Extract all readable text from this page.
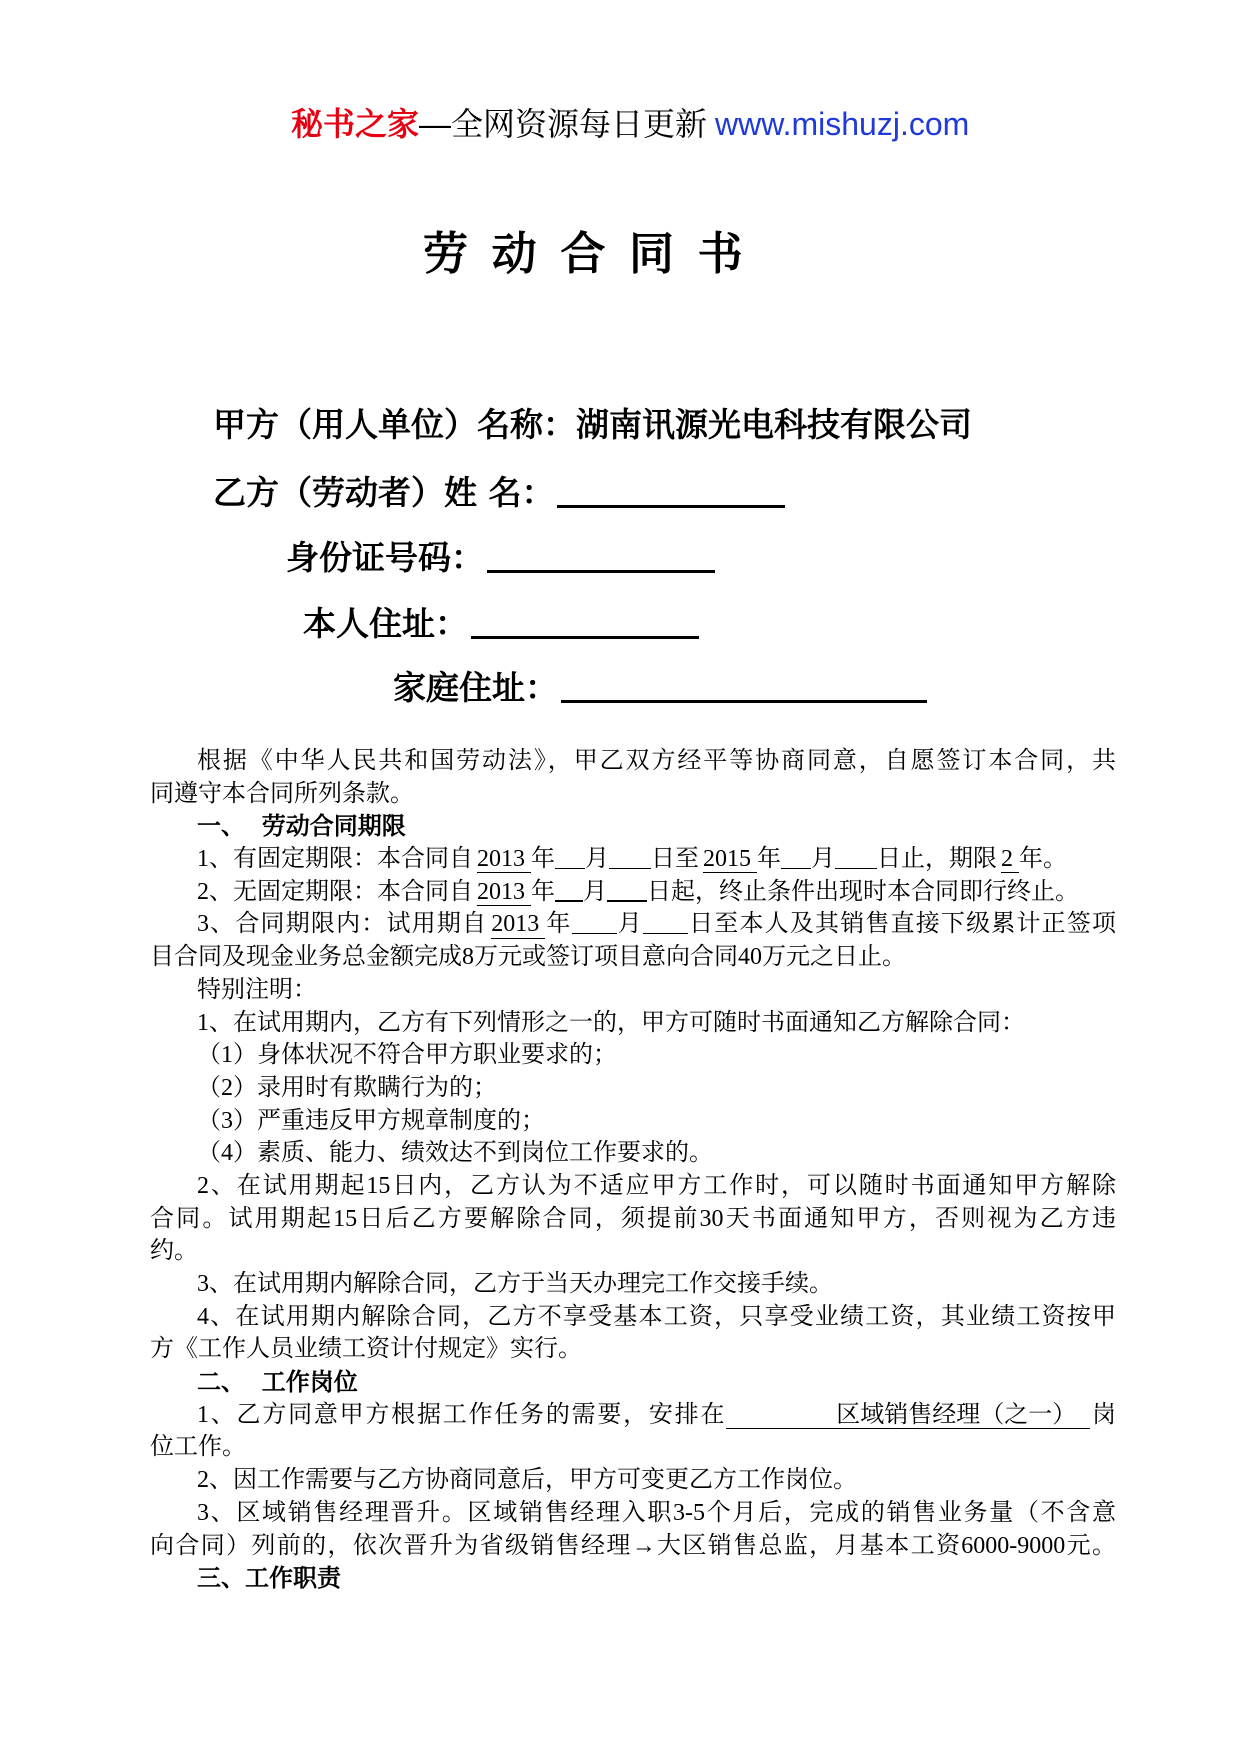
秘书之家—全网资源每日更新 www.mishuzj.com
劳 动 合 同 书

甲方（用人单位）名称：湖南讯源光电科技有限公司

乙方（劳动者）姓 名：

身份证号码：

本人住址：

家庭住址：

根据《中华人民共和国劳动法》，甲乙双方经平等协商同意，自愿签订本合同，共
同遵守本合同所列条款。
一、  劳动合同期限
1、有固定期限：本合同自 2013 年 月 日至 2015 年 月 日止，期限 2 年。
2、无固定期限：本合同自 2013 年 月 日起，终止条件出现时本合同即行终止。
3、合同期限内：试用期自 2013 年 月 日至本人及其销售直接下级累计正签项
目合同及现金业务总金额完成8万元或签订项目意向合同40万元之日止。
特别注明：
1、在试用期内，乙方有下列情形之一的，甲方可随时书面通知乙方解除合同：
（1）身体状况不符合甲方职业要求的；
（2）录用时有欺瞒行为的；
（3）严重违反甲方规章制度的；
（4）素质、能力、绩效达不到岗位工作要求的。
2、在试用期起15日内，乙方认为不适应甲方工作时，可以随时书面通知甲方解除
合同。试用期起15日后乙方要解除合同，须提前30天书面通知甲方，否则视为乙方违
约。
3、在试用期内解除合同，乙方于当天办理完工作交接手续。
4、在试用期内解除合同，乙方不享受基本工资，只享受业绩工资，其业绩工资按甲
方《工作人员业绩工资计付规定》实行。
二、  工作岗位
1、乙方同意甲方根据工作任务的需要，安排在	区域销售经理（之一） 岗
位工作。
2、因工作需要与乙方协商同意后，甲方可变更乙方工作岗位。
3、区域销售经理晋升。区域销售经理入职3-5个月后，完成的销售业务量（不含意
向合同）列前的，依次晋升为省级销售经理→大区销售总监，月基本工资6000-9000元。
三、工作职责
